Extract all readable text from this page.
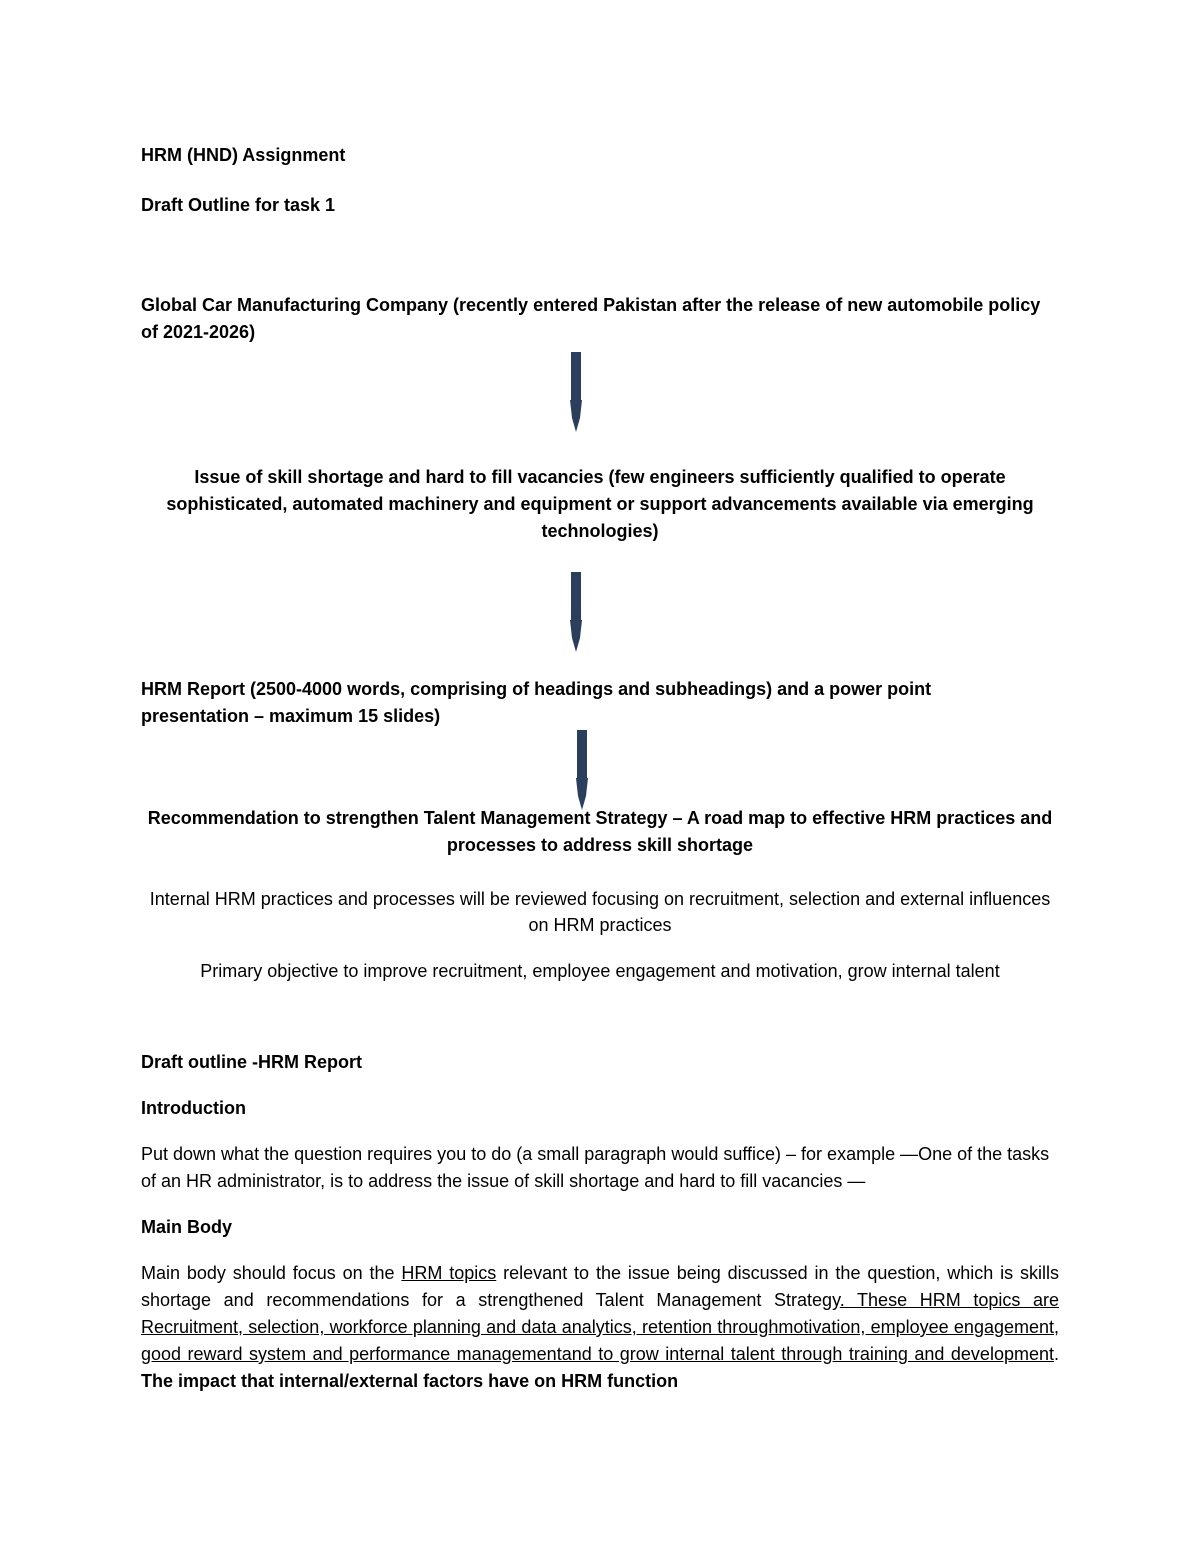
HRM (HND) Assignment

Draft Outline for task 1

Global Car Manufacturing Company (recently entered Pakistan after the release of new automobile policy of 2021-2026)

Issue of skill shortage and hard to fill vacancies (few engineers sufficiently qualified to operate sophisticated, automated machinery and equipment or support advancements available via emerging technologies)

HRM Report (2500-4000 words, comprising of headings and subheadings) and a power point presentation – maximum 15 slides)

Recommendation to strengthen Talent Management Strategy – A road map to effective HRM practices and processes to address skill shortage

Internal HRM practices and processes will be reviewed focusing on recruitment, selection and external influences on HRM practices

Primary objective to improve recruitment, employee engagement and motivation, grow internal talent

Draft outline -HRM Report

Introduction

Put down what the question requires you to do (a small paragraph would suffice) – for example ―One of the tasks of an HR administrator, is to address the issue of skill shortage and hard to fill vacancies ―

Main Body

Main body should focus on the HRM topics relevant to the issue being discussed in the question, which is skills shortage and recommendations for a strengthened Talent Management Strategy. These HRM topics are Recruitment, selection, workforce planning and data analytics, retention throughmotivation, employee engagement, good reward system and performance managementand to grow internal talent through training and development. The impact that internal/external factors have on HRM function
